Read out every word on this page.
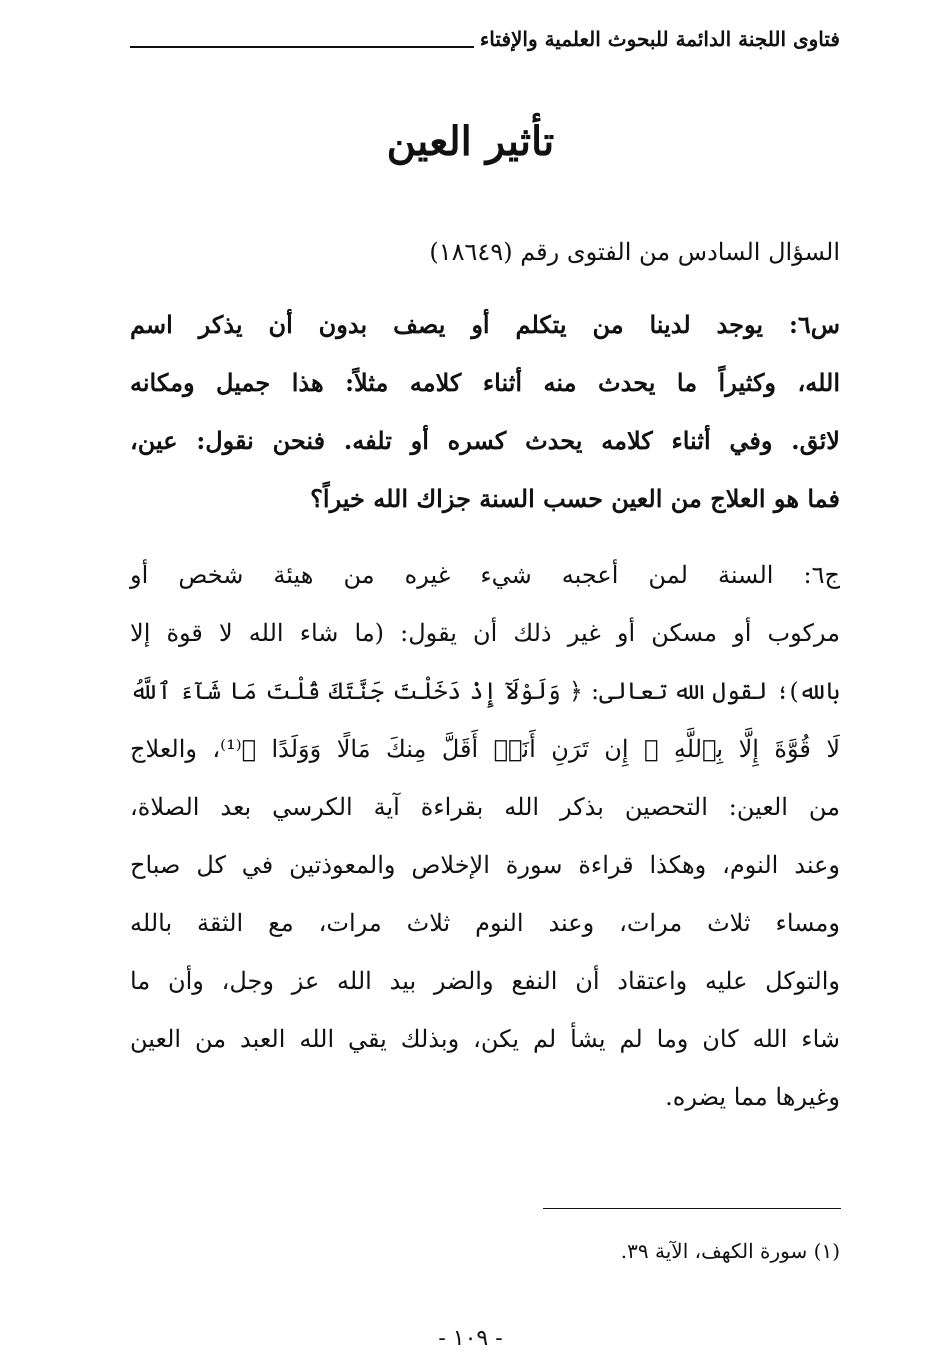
فتاوى اللجنة الدائمة للبحوث العلمية والإفتاء
تأثير العين
السؤال السادس من الفتوى رقم (١٨٦٤٩)
س٦: يوجد لدينا من يتكلم أو يصف بدون أن يذكر اسم
الله، وكثيراً ما يحدث منه أثناء كلامه مثلاً: هذا جميل ومكانه
لائق. وفي أثناء كلامه يحدث كسره أو تلفه. فنحن نقول: عين،
فما هو العلاج من العين حسب السنة جزاك الله خيراً؟
ج٦: السنة لمن أعجبه شيء غيره من هيئة شخص أو
مركوب أو مسكن أو غير ذلك أن يقول: (ما شاء الله لا قوة إلا
بالله)؛ لقول الله تعالى: ﴿ وَلَوْلَآ إِذْ دَخَلْتَ جَنَّتَكَ قُلْتَ مَا شَآءَ ٱللَّهُ
لَا قُوَّةَ إِلَّا بِٱللَّهِ ۚ إِن تَرَنِ أَنَا۠ أَقَلَّ مِنكَ مَالًا وَوَلَدًا ﴾⁽¹⁾، والعلاج
من العين: التحصين بذكر الله بقراءة آية الكرسي بعد الصلاة،
وعند النوم، وهكذا قراءة سورة الإخلاص والمعوذتين في كل صباح
ومساء ثلاث مرات، وعند النوم ثلاث مرات، مع الثقة بالله
والتوكل عليه واعتقاد أن النفع والضر بيد الله عز وجل، وأن ما
شاء الله كان وما لم يشأ لم يكن، وبذلك يقي الله العبد من العين
وغيرها مما يضره.
(١) سورة الكهف، الآية ٣٩.
- ١٠٩ -
